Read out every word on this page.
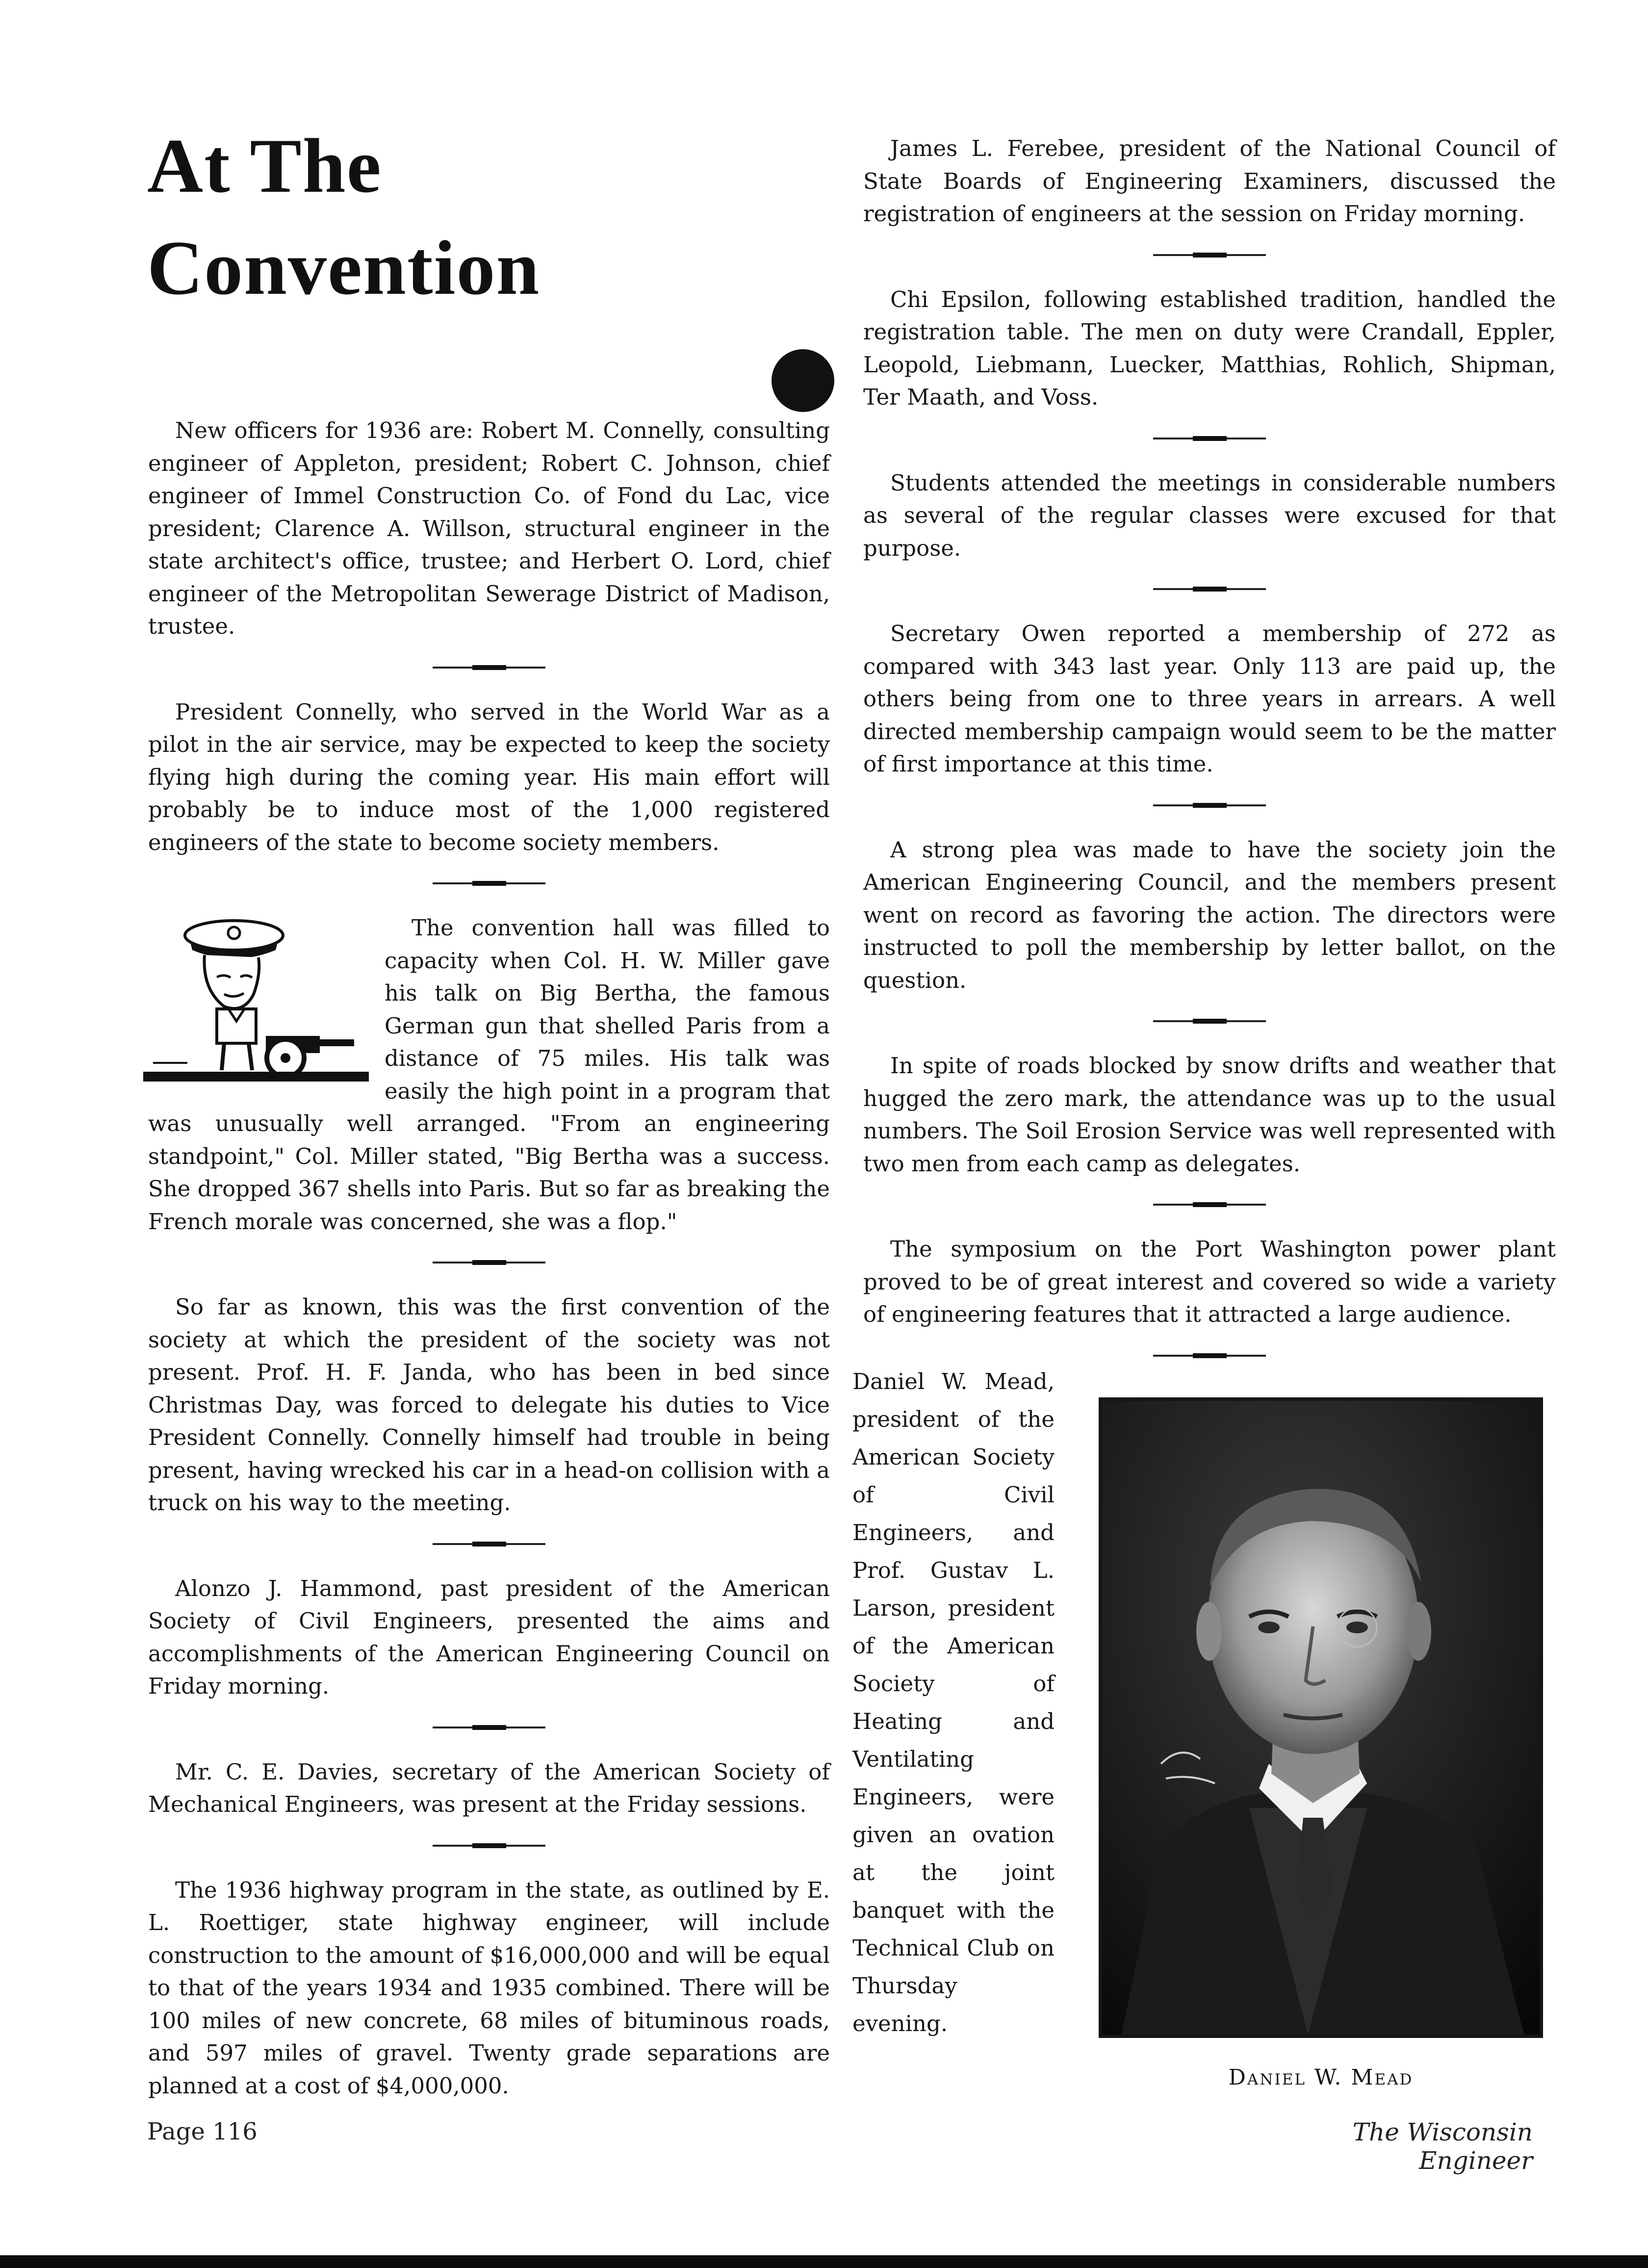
At The
Convention

New officers for 1936 are: Robert M. Connelly, consulting engineer of Appleton, president; Robert C. Johnson, chief engineer of Immel Construction Co. of Fond du Lac, vice president; Clarence A. Willson, structural engineer in the state architect's office, trustee; and Herbert O. Lord, chief engineer of the Metropolitan Sewerage District of Madison, trustee.

President Connelly, who served in the World War as a pilot in the air service, may be expected to keep the society flying high during the coming year. His main effort will probably be to induce most of the 1,000 registered engineers of the state to become society members.

The convention hall was filled to capacity when Col. H. W. Miller gave his talk on Big Bertha, the famous German gun that shelled Paris from a distance of 75 miles. His talk was easily the high point in a program that was unusually well arranged. "From an engineering standpoint," Col. Miller stated, "Big Bertha was a success. She dropped 367 shells into Paris. But so far as breaking the French morale was concerned, she was a flop."

So far as known, this was the first convention of the society at which the president of the society was not present. Prof. H. F. Janda, who has been in bed since Christmas Day, was forced to delegate his duties to Vice President Connelly. Connelly himself had trouble in being present, having wrecked his car in a head-on collision with a truck on his way to the meeting.

Alonzo J. Hammond, past president of the American Society of Civil Engineers, presented the aims and accomplishments of the American Engineering Council on Friday morning.

Mr. C. E. Davies, secretary of the American Society of Mechanical Engineers, was present at the Friday sessions.

The 1936 highway program in the state, as outlined by E. L. Roettiger, state highway engineer, will include construction to the amount of $16,000,000 and will be equal to that of the years 1934 and 1935 combined. There will be 100 miles of new concrete, 68 miles of bituminous roads, and 597 miles of gravel. Twenty grade separations are planned at a cost of $4,000,000.

James L. Ferebee, president of the National Council of State Boards of Engineering Examiners, discussed the registration of engineers at the session on Friday morning.

Chi Epsilon, following established tradition, handled the registration table. The men on duty were Crandall, Eppler, Leopold, Liebmann, Luecker, Matthias, Rohlich, Shipman, Ter Maath, and Voss.

Students attended the meetings in considerable numbers as several of the regular classes were excused for that purpose.

Secretary Owen reported a membership of 272 as compared with 343 last year. Only 113 are paid up, the others being from one to three years in arrears. A well directed membership campaign would seem to be the matter of first importance at this time.

A strong plea was made to have the society join the American Engineering Council, and the members present went on record as favoring the action. The directors were instructed to poll the membership by letter ballot, on the question.

In spite of roads blocked by snow drifts and weather that hugged the zero mark, the attendance was up to the usual numbers. The Soil Erosion Service was well represented with two men from each camp as delegates.

The symposium on the Port Washington power plant proved to be of great interest and covered so wide a variety of engineering features that it attracted a large audience.

Daniel W. Mead, president of the American Society of Civil Engineers, and Prof. Gustav L. Larson, president of the American Society of Heating and Ventilating Engineers, were given an ovation at the joint banquet with the Technical Club on Thursday evening.

Daniel W. Mead
Page 116	The Wisconsin Engineer
